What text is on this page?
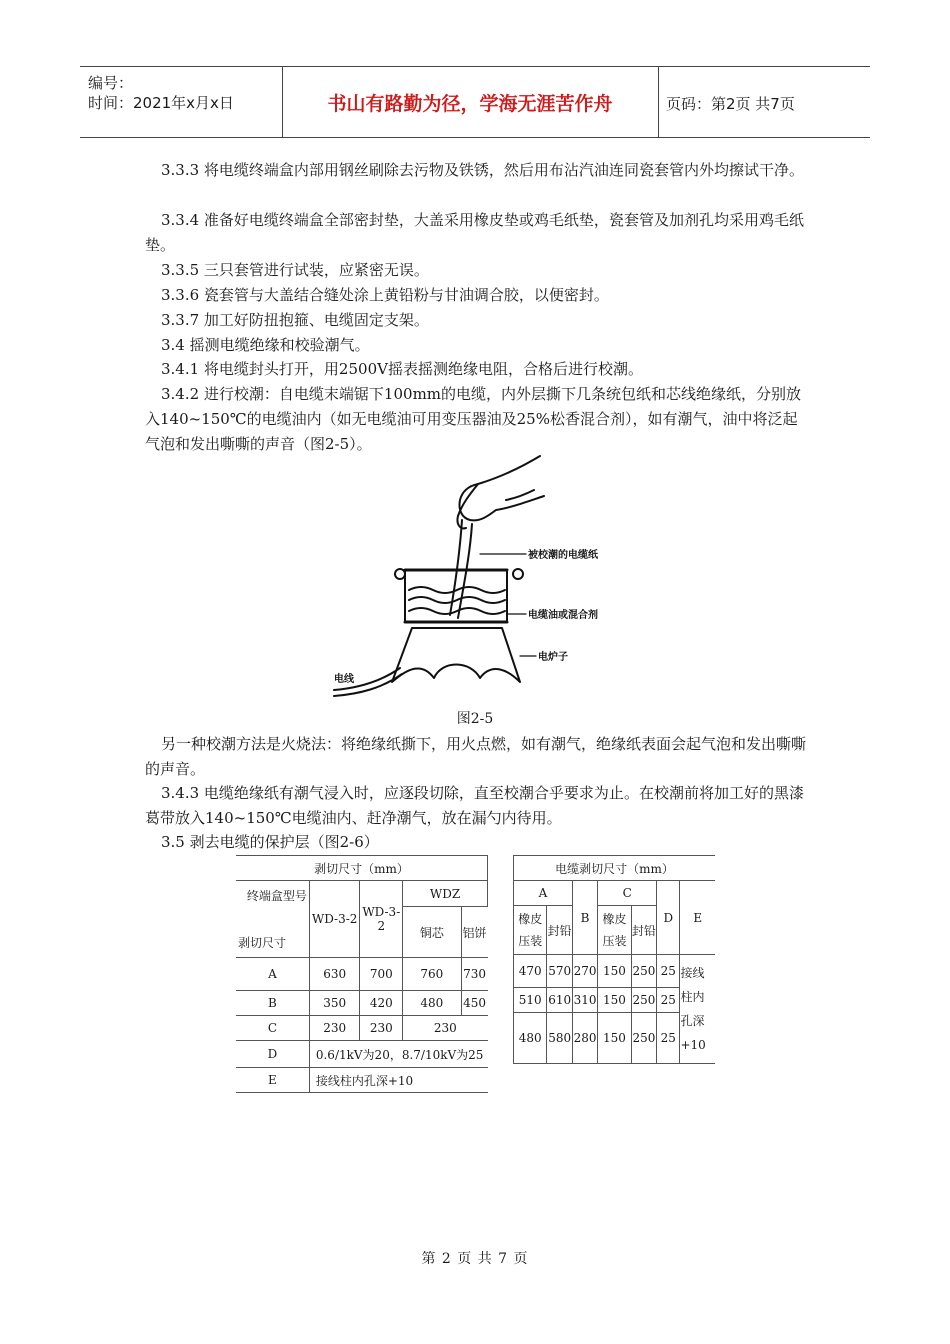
编号：
时间：2021年x月x日	书山有路勤为径，学海无涯苦作舟	页码：第2页 共7页
3.3.3 将电缆终端盒内部用钢丝刷除去污物及铁锈，然后用布沾汽油连同瓷套管内外均擦试干净。
3.3.4 准备好电缆终端盒全部密封垫，大盖采用橡皮垫或鸡毛纸垫，瓷套管及加剂孔均采用鸡毛纸垫。
3.3.5 三只套管进行试装，应紧密无误。
3.3.6 瓷套管与大盖结合缝处涂上黄铅粉与甘油调合胶，以便密封。
3.3.7 加工好防扭抱箍、电缆固定支架。
3.4 摇测电缆绝缘和校验潮气。
3.4.1 将电缆封头打开，用2500V摇表摇测绝缘电阻，合格后进行校潮。
3.4.2 进行校潮：自电缆末端锯下100mm的电缆，内外层撕下几条统包纸和芯线绝缘纸，分别放入140~150℃的电缆油内（如无电缆油可用变压器油及25%松香混合剂），如有潮气，油中将泛起气泡和发出嘶嘶的声音（图2-5）。
被校潮的电缆纸
电缆油或混合剂
电炉子
电线
图2-5
另一种校潮方法是火烧法：将绝缘纸撕下，用火点燃，如有潮气，绝缘纸表面会起气泡和发出嘶嘶的声音。
3.4.3 电缆绝缘纸有潮气浸入时，应逐段切除，直至校潮合乎要求为止。在校潮前将加工好的黑漆葛带放入140~150℃电缆油内、赶净潮气，放在漏勺内待用。
3.5 剥去电缆的保护层（图2-6）
剥切尺寸（mm）				

终端盒型号
剥切尺寸	WD-3-2	WD-3-2	WDZ	
			铜芯	铝饼
A	630	700	760	730
B	350	420	480	450
C	230	230	230	
D	0.6/1kV为20，8.7/10kV为25			
E	接线柱内孔深+10			
电缆剥切尺寸（mm）						
A		B	C		D	E
橡皮压装	封铅		橡皮压装	封铅		
470	570	270	150	250	25	接线柱内孔深+10
510	610	310	150	250	25	
480	580	280	150	250	25	

第 2 页 共 7 页
